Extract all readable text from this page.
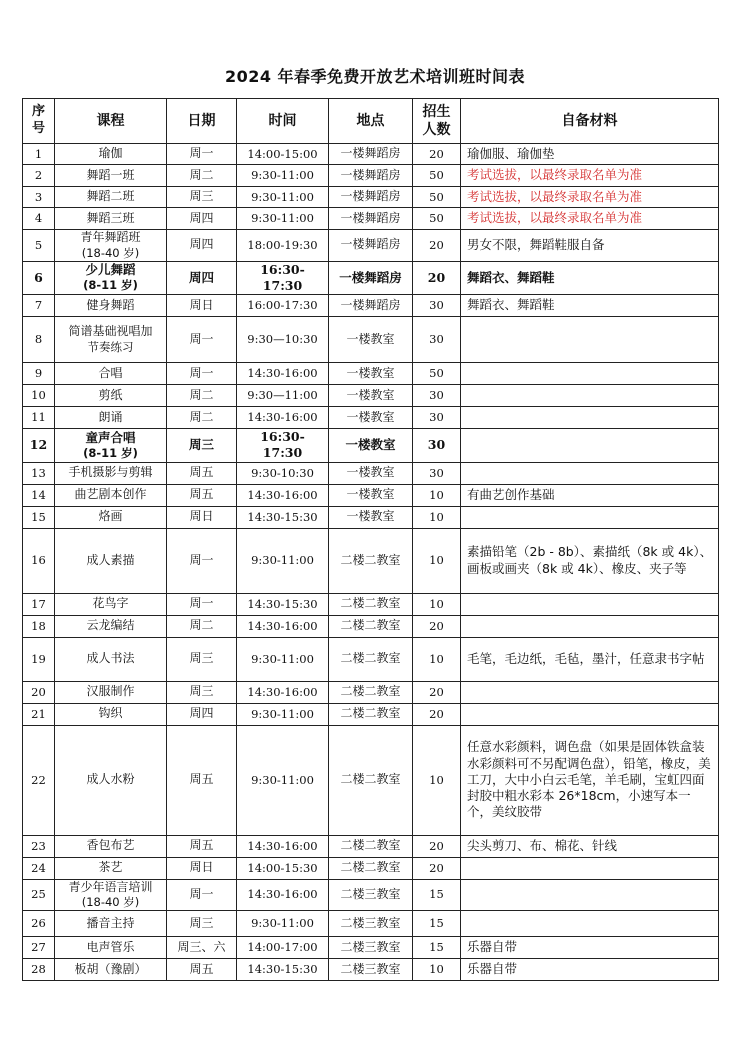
2024 年春季免费开放艺术培训班时间表
序号	课程	日期	时间	地点	招生人数	自备材料
1	瑜伽	周一	14:00-15:00	一楼舞蹈房	20	瑜伽服、瑜伽垫
2	舞蹈一班	周二	9:30-11:00	一楼舞蹈房	50	考试选拔，以最终录取名单为准
3	舞蹈二班	周三	9:30-11:00	一楼舞蹈房	50	考试选拔，以最终录取名单为准
4	舞蹈三班	周四	9:30-11:00	一楼舞蹈房	50	考试选拔，以最终录取名单为准
5	青年舞蹈班
(18-40 岁)	周四	18:00-19:30	一楼舞蹈房	20	男女不限，舞蹈鞋服自备
6	少儿舞蹈
(8-11 岁)	周四	16:30-17:30	一楼舞蹈房	20	舞蹈衣、舞蹈鞋
7	健身舞蹈	周日	16:00-17:30	一楼舞蹈房	30	舞蹈衣、舞蹈鞋
8	简谱基础视唱加
节奏练习	周一	9:30—10:30	一楼教室	30	
9	合唱	周一	14:30-16:00	一楼教室	50	
10	剪纸	周二	9:30—11:00	一楼教室	30	
11	朗诵	周二	14:30-16:00	一楼教室	30	
12	童声合唱
(8-11 岁)	周三	16:30-17:30	一楼教室	30	
13	手机摄影与剪辑	周五	9:30-10:30	一楼教室	30	
14	曲艺剧本创作	周五	14:30-16:00	一楼教室	10	有曲艺创作基础
15	烙画	周日	14:30-15:30	一楼教室	10	
16	成人素描	周一	9:30-11:00	二楼二教室	10	素描铅笔（2b - 8b）、素描纸（8k 或 4k）、画板或画夹（8k 或 4k）、橡皮、夹子等
17	花鸟字	周一	14:30-15:30	二楼二教室	10	
18	云龙编结	周二	14:30-16:00	二楼二教室	20	
19	成人书法	周三	9:30-11:00	二楼二教室	10	毛笔，毛边纸，毛毡，墨汁，任意隶书字帖
20	汉服制作	周三	14:30-16:00	二楼二教室	20	
21	钩织	周四	9:30-11:00	二楼二教室	20	
22	成人水粉	周五	9:30-11:00	二楼二教室	10	任意水彩颜料，调色盘（如果是固体铁盒装水彩颜料可不另配调色盘），铅笔，橡皮，美工刀，大中小白云毛笔，羊毛刷，宝虹四面封胶中粗水彩本 26*18cm，小速写本一个，美纹胶带
23	香包布艺	周五	14:30-16:00	二楼二教室	20	尖头剪刀、布、棉花、针线
24	茶艺	周日	14:00-15:30	二楼二教室	20	
25	青少年语言培训
(18-40 岁)	周一	14:30-16:00	二楼三教室	15	
26	播音主持	周三	9:30-11:00	二楼三教室	15	
27	电声管乐	周三、六	14:00-17:00	二楼三教室	15	乐器自带
28	板胡（豫剧）	周五	14:30-15:30	二楼三教室	10	乐器自带
